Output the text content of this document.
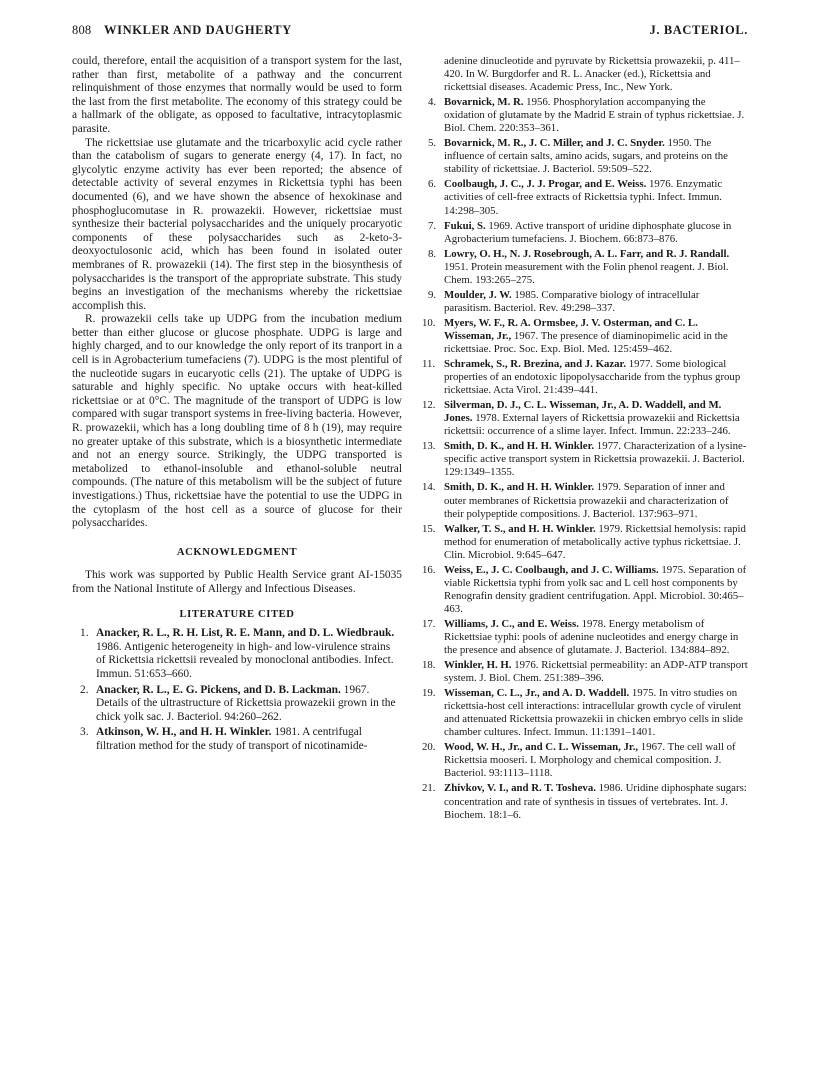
808 WINKLER AND DAUGHERTY	J. BACTERIOL.

could, therefore, entail the acquisition of a transport system for the last, rather than first, metabolite of a pathway and the concurrent relinquishment of those enzymes that normally would be used to form the last from the first metabolite. The economy of this strategy could be a hallmark of the obligate, as opposed to facultative, intracytoplasmic parasite.

The rickettsiae use glutamate and the tricarboxylic acid cycle rather than the catabolism of sugars to generate energy (4, 17). In fact, no glycolytic enzyme activity has ever been reported; the absence of detectable activity of several enzymes in Rickettsia typhi has been documented (6), and we have shown the absence of hexokinase and phosphoglucomutase in R. prowazekii. However, rickettsiae must synthesize their bacterial polysaccharides and the uniquely procaryotic components of these polysaccharides such as 2-keto-3-deoxyoctulosonic acid, which has been found in isolated outer membranes of R. prowazekii (14). The first step in the biosynthesis of polysaccharides is the transport of the appropriate substrate. This study begins an investigation of the mechanisms whereby the rickettsiae accomplish this.

R. prowazekii cells take up UDPG from the incubation medium better than either glucose or glucose phosphate. UDPG is large and highly charged, and to our knowledge the only report of its tranport in a cell is in Agrobacterium tumefaciens (7). UDPG is the most plentiful of the nucleotide sugars in eucaryotic cells (21). The uptake of UDPG is saturable and highly specific. No uptake occurs with heat-killed rickettsiae or at 0°C. The magnitude of the transport of UDPG is low compared with sugar transport systems in free-living bacteria. However, R. prowazekii, which has a long doubling time of 8 h (19), may require no greater uptake of this substrate, which is a biosynthetic intermediate and not an energy source. Strikingly, the UDPG transported is metabolized to ethanol-insoluble and ethanol-soluble neutral compounds. (The nature of this metabolism will be the subject of future investigations.) Thus, rickettsiae have the potential to use the UDPG in the cytoplasm of the host cell as a source of glucose for their polysaccharides.

ACKNOWLEDGMENT

This work was supported by Public Health Service grant AI-15035 from the National Institute of Allergy and Infectious Diseases.

LITERATURE CITED
1. Anacker, R. L., R. H. List, R. E. Mann, and D. L. Wiedbrauk. 1986. Antigenic heterogeneity in high- and low-virulence strains of Rickettsia rickettsii revealed by monoclonal antibodies. Infect. Immun. 51:653–660.
2. Anacker, R. L., E. G. Pickens, and D. B. Lackman. 1967. Details of the ultrastructure of Rickettsia prowazekii grown in the chick yolk sac. J. Bacteriol. 94:260–262.
3. Atkinson, W. H., and H. H. Winkler. 1981. A centrifugal filtration method for the study of transport of nicotinamide-
adenine dinucleotide and pyruvate by Rickettsia prowazekii, p. 411–420. In W. Burgdorfer and R. L. Anacker (ed.), Rickettsia and rickettsial diseases. Academic Press, Inc., New York.
4. Bovarnick, M. R. 1956. Phosphorylation accompanying the oxidation of glutamate by the Madrid E strain of typhus rickettsiae. J. Biol. Chem. 220:353–361.
5. Bovarnick, M. R., J. C. Miller, and J. C. Snyder. 1950. The influence of certain salts, amino acids, sugars, and proteins on the stability of rickettsiae. J. Bacteriol. 59:509–522.
6. Coolbaugh, J. C., J. J. Progar, and E. Weiss. 1976. Enzymatic activities of cell-free extracts of Rickettsia typhi. Infect. Immun. 14:298–305.
7. Fukui, S. 1969. Active transport of uridine diphosphate glucose in Agrobacterium tumefaciens. J. Biochem. 66:873–876.
8. Lowry, O. H., N. J. Rosebrough, A. L. Farr, and R. J. Randall. 1951. Protein measurement with the Folin phenol reagent. J. Biol. Chem. 193:265–275.
9. Moulder, J. W. 1985. Comparative biology of intracellular parasitism. Bacteriol. Rev. 49:298–337.
10. Myers, W. F., R. A. Ormsbee, J. V. Osterman, and C. L. Wisseman, Jr., 1967. The presence of diaminopimelic acid in the rickettsiae. Proc. Soc. Exp. Biol. Med. 125:459–462.
11. Schramek, S., R. Brezina, and J. Kazar. 1977. Some biological properties of an endotoxic lipopolysaccharide from the typhus group rickettsiae. Acta Virol. 21:439–441.
12. Silverman, D. J., C. L. Wisseman, Jr., A. D. Waddell, and M. Jones. 1978. External layers of Rickettsia prowazekii and Rickettsia rickettsii: occurrence of a slime layer. Infect. Immun. 22:233–246.
13. Smith, D. K., and H. H. Winkler. 1977. Characterization of a lysine-specific active transport system in Rickettsia prowazekii. J. Bacteriol. 129:1349–1355.
14. Smith, D. K., and H. H. Winkler. 1979. Separation of inner and outer membranes of Rickettsia prowazekii and characterization of their polypeptide compositions. J. Bacteriol. 137:963–971.
15. Walker, T. S., and H. H. Winkler. 1979. Rickettsial hemolysis: rapid method for enumeration of metabolically active typhus rickettsiae. J. Clin. Microbiol. 9:645–647.
16. Weiss, E., J. C. Coolbaugh, and J. C. Williams. 1975. Separation of viable Rickettsia typhi from yolk sac and L cell host components by Renografin density gradient centrifugation. Appl. Microbiol. 30:465–463.
17. Williams, J. C., and E. Weiss. 1978. Energy metabolism of Rickettsiae typhi: pools of adenine nucleotides and energy charge in the presence and absence of glutamate. J. Bacteriol. 134:884–892.
18. Winkler, H. H. 1976. Rickettsial permeability: an ADP-ATP transport system. J. Biol. Chem. 251:389–396.
19. Wisseman, C. L., Jr., and A. D. Waddell. 1975. In vitro studies on rickettsia-host cell interactions: intracellular growth cycle of virulent and attenuated Rickettsia prowazekii in chicken embryo cells in slide chamber cultures. Infect. Immun. 11:1391–1401.
20. Wood, W. H., Jr., and C. L. Wisseman, Jr., 1967. The cell wall of Rickettsia mooseri. I. Morphology and chemical composition. J. Bacteriol. 93:1113–1118.
21. Zhivkov, V. I., and R. T. Tosheva. 1986. Uridine diphosphate sugars: concentration and rate of synthesis in tissues of vertebrates. Int. J. Biochem. 18:1–6.
